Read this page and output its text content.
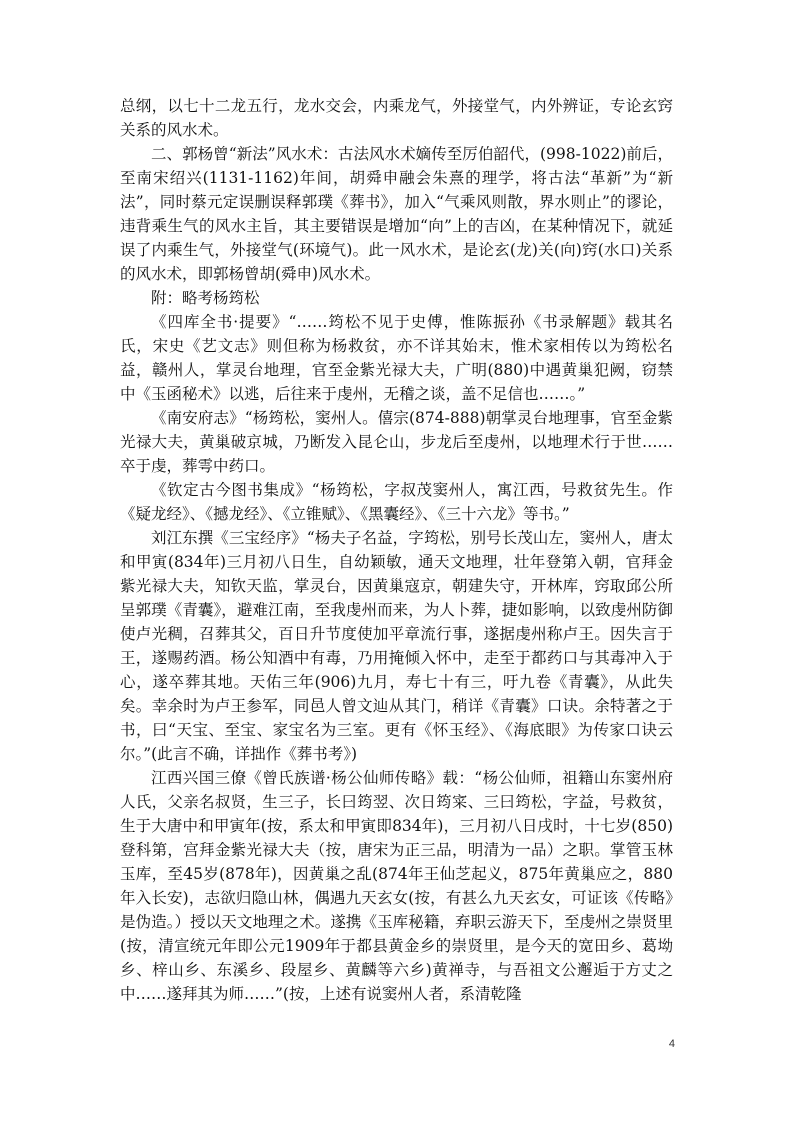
总纲，以七十二龙五行，龙水交会，内乘龙气，外接堂气，内外辨证，专论玄窍关系的风水术。

二、郭杨曾“新法”风水术：古法风水术嫡传至厉伯韶代，(998-1022)前后，至南宋绍兴(1131-1162)年间，胡舜申融会朱熹的理学，将古法“革新”为“新法”，同时蔡元定误删误释郭璞《葬书》，加入“气乘风则散，界水则止”的谬论，违背乘生气的风水主旨，其主要错误是增加“向”上的吉凶，在某种情况下，就延误了内乘生气，外接堂气(环境气)。此一风水术，是论玄(龙)关(向)窍(水口)关系的风水术，即郭杨曾胡(舜申)风水术。

附：略考杨筠松

《四库全书·提要》“……筠松不见于史傅，惟陈振孙《书录解题》载其名氏，宋史《艺文志》则但称为杨救贫，亦不详其始末，惟术家相传以为筠松名益，赣州人，掌灵台地理，官至金紫光禄大夫，广明(880)中遇黄巢犯阙，窃禁中《玉函秘术》以逃，后往来于虔州，无稽之谈，盖不足信也……。”

《南安府志》“杨筠松，窦州人。僖宗(874-888)朝掌灵台地理事，官至金紫光禄大夫，黄巢破京城，乃断发入昆仑山，步龙后至虔州，以地理术行于世……卒于虔，葬雩中药口。

《钦定古今图书集成》“杨筠松，字叔茂窦州人，寓江西，号救贫先生。作《疑龙经》、《撼龙经》、《立锥赋》、《黑囊经》、《三十六龙》等书。”

刘江东撰《三宝经序》“杨夫子名益，字筠松，别号长茂山左，窦州人，唐太和甲寅(834年)三月初八日生，自幼颖敏，通天文地理，壮年登第入朝，官拜金紫光禄大夫，知钦天监，掌灵台，因黄巢寇京，朝建失守，开林库，窍取邱公所呈郭璞《青囊》，避难江南，至我虔州而来，为人卜葬，捷如影响，以致虔州防御使卢光稠，召葬其父，百日升节度使加平章流行事，遂据虔州称卢王。因失言于王，遂赐药酒。杨公知酒中有毒，乃用掩倾入怀中，走至于都药口与其毒冲入于心，遂卒葬其地。天佑三年(906)九月，寿七十有三，吁九卷《青囊》，从此失矣。幸余时为卢王参军，同邑人曾文辿从其门，稍详《青囊》口诀。余特著之于书，曰“天宝、至宝、家宝名为三室。更有《怀玉经》、《海底眼》为传家口诀云尔。”(此言不确，详拙作《葬书考》)

江西兴国三僚《曾氏族谱·杨公仙师传略》载：“杨公仙师，祖籍山东窦州府人氏，父亲名叔贤，生三子，长曰筠翌、次日筠寀、三曰筠松，字益，号救贫，生于大唐中和甲寅年(按，系太和甲寅即834年)，三月初八日戌时，十七岁(850)登科第，宫拜金紫光禄大夫（按，唐宋为正三品，明清为一品）之职。掌管玉林玉库，至45岁(878年)，因黄巢之乱(874年王仙芝起义，875年黄巢应之，880年入长安)，志欲归隐山林，偶遇九天玄女(按，有甚么九天玄女，可证该《传略》是伪造。）授以天文地理之术。遂携《玉库秘籍，弃职云游天下，至虔州之崇贤里(按，清宣统元年即公元1909年于都县黄金乡的崇贤里，是今天的宽田乡、葛坳乡、梓山乡、东溪乡、段屋乡、黄麟等六乡)黄禅寺，与吾祖文公邂逅于方丈之中……遂拜其为师……”(按，上述有说窦州人者，系清乾隆

4
